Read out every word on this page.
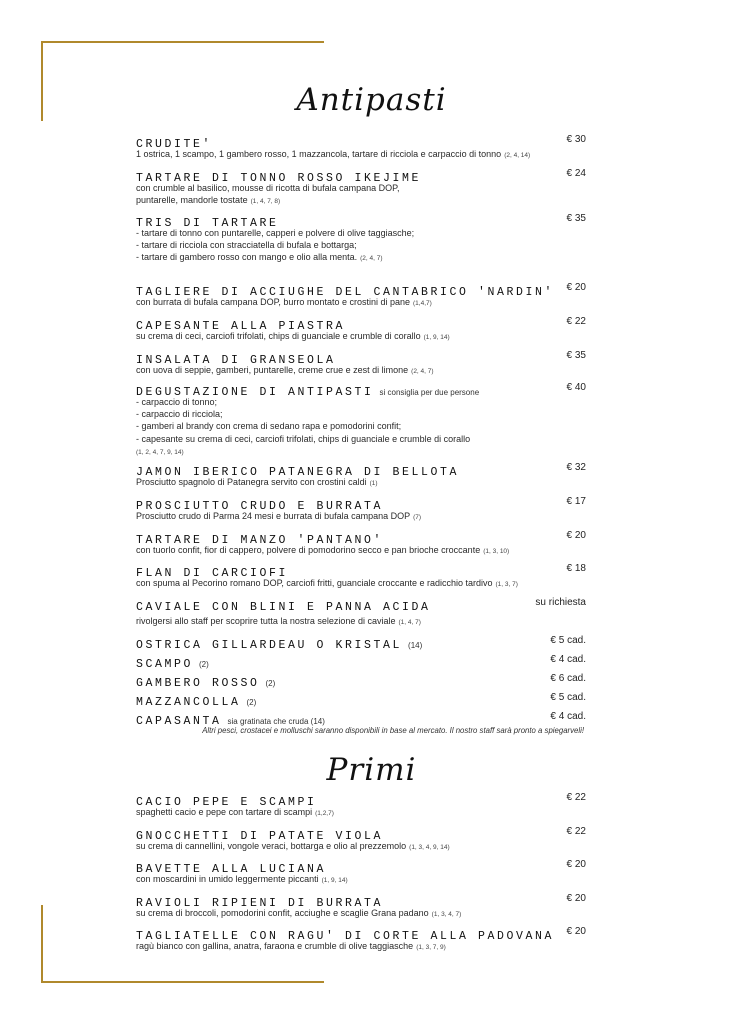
Antipasti
CRUDITE'	€ 30
1 ostrica, 1 scampo, 1 gambero rosso, 1 mazzancola, tartare di ricciola e carpaccio di tonno (2, 4, 14)
TARTARE DI TONNO ROSSO IKEJIME	€ 24
con crumble al basilico, mousse di ricotta di bufala campana DOP,
puntarelle, mandorle tostate (1, 4, 7, 8)
TRIS DI TARTARE	€ 35
- tartare di tonno con puntarelle, capperi e polvere di olive taggiasche;
- tartare di ricciola con stracciatella di bufala e bottarga;
- tartare di gambero rosso con mango e olio alla menta. (2, 4, 7)
TAGLIERE DI ACCIUGHE DEL CANTABRICO 'NARDIN' € 20
con burrata di bufala campana DOP, burro montato e crostini di pane (1,4,7)
CAPESANTE ALLA PIASTRA	€ 22
su crema di ceci, carciofi trifolati, chips di guanciale e crumble di corallo (1, 9, 14)
INSALATA DI GRANSEOLA	€ 35
con uova di seppie, gamberi, puntarelle, creme crue e zest di limone (2, 4, 7)
DEGUSTAZIONE DI ANTIPASTI si consiglia per due persone	€ 40
- carpaccio di tonno;
- carpaccio di ricciola;
- gamberi al brandy con crema di sedano rapa e pomodorini confit;
- capesante su crema di ceci, carciofi trifolati, chips di guanciale e crumble di corallo
(1, 2, 4, 7, 9, 14)
JAMON IBERICO PATANEGRA DI BELLOTA	€ 32
Prosciutto spagnolo di Patanegra servito con crostini caldi (1)
PROSCIUTTO CRUDO E BURRATA	€ 17
Prosciutto crudo di Parma 24 mesi e burrata di bufala campana DOP (7)
TARTARE DI MANZO 'PANTANO'	€ 20
con tuorlo confit, fior di cappero, polvere di pomodorino secco e pan brioche croccante (1, 3, 10)
FLAN DI CARCIOFI	€ 18
con spuma al Pecorino romano DOP, carciofi fritti, guanciale croccante e radicchio tardivo (1, 3, 7)
CAVIALE CON BLINI E PANNA ACIDA	su richiesta
rivolgersi allo staff per scoprire tutta la nostra selezione di caviale (1, 4, 7)
OSTRICA GILLARDEAU O KRISTAL (14)	€ 5 cad.
SCAMPO (2)	€ 4 cad.
GAMBERO ROSSO (2)	€ 6 cad.
MAZZANCOLLA (2)	€ 5 cad.
CAPASANTA sia gratinata che cruda (14)	€ 4 cad.
Altri pesci, crostacei e molluschi saranno disponibili in base al mercato. Il nostro staff sarà pronto a spiegarveli!
Primi
CACIO PEPE E SCAMPI	€ 22
spaghetti cacio e pepe con tartare di scampi (1,2,7)
GNOCCHETTI DI PATATE VIOLA	€ 22
su crema di cannellini, vongole veraci, bottarga e olio al prezzemolo (1, 3, 4, 9, 14)
BAVETTE ALLA LUCIANA	€ 20
con moscardini in umido leggermente piccanti (1, 9, 14)
RAVIOLI RIPIENI DI BURRATA	€ 20
su crema di broccoli, pomodorini confit, acciughe e scaglie Grana padano (1, 3, 4, 7)
TAGLIATELLE CON RAGU' DI CORTE ALLA PADOVANA € 20
ragù bianco con gallina, anatra, faraona e crumble di olive taggiasche (1, 3, 7, 9)
